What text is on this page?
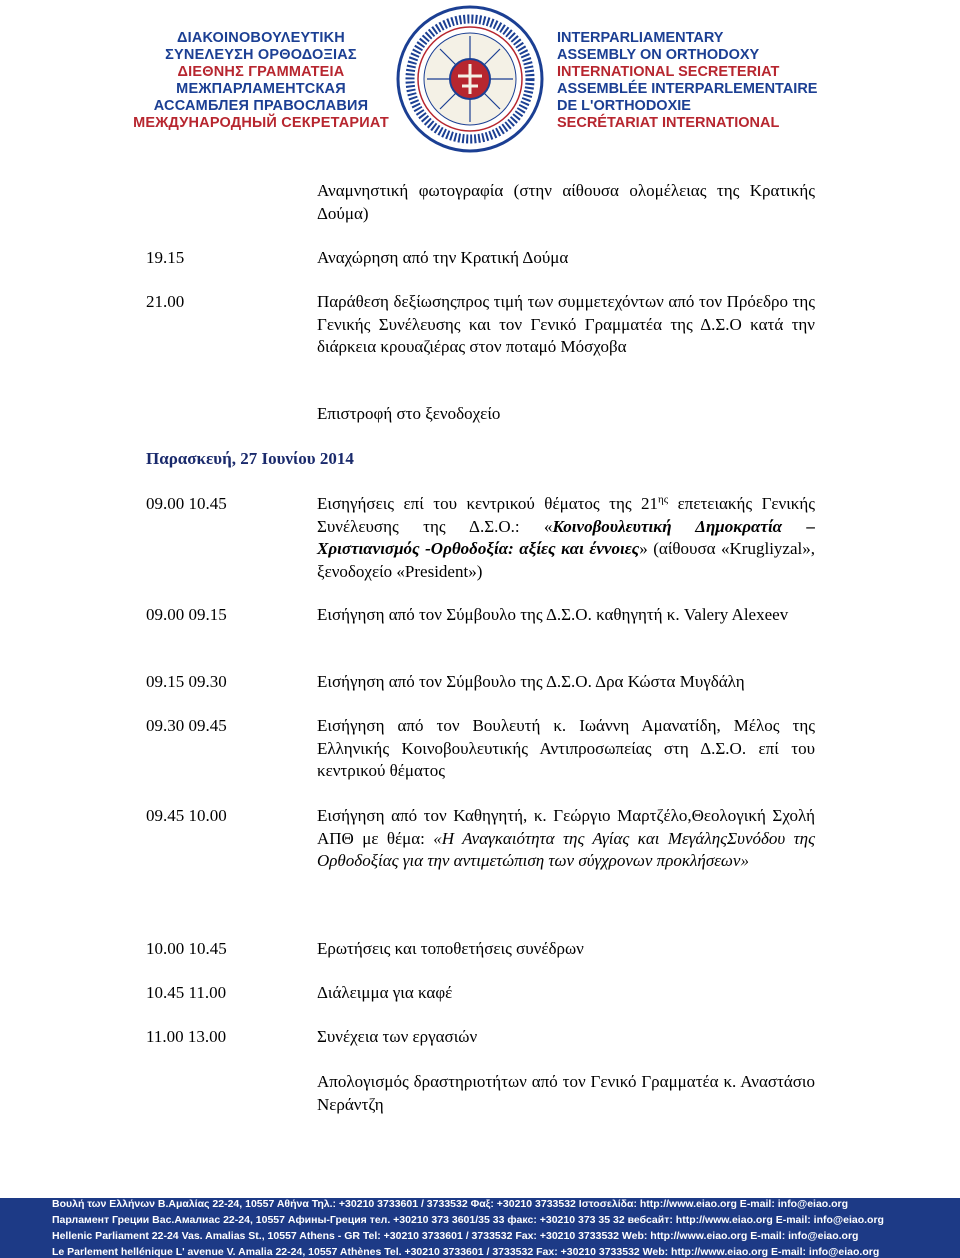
ΔΙΑΚΟΙΝΟΒΟΥΛΕΥΤΙΚΗ
ΣΥΝΕΛΕΥΣΗ ΟΡΘΟΔΟΞΙΑΣ
ΔΙΕΘΝΗΣ ΓΡΑΜΜΑΤΕΙΑ
МЕЖПАРЛАМЕНТСКАЯ
АССАМБЛЕЯ ПРАВОСЛАВИЯ
МЕЖДУНАРОДНЫЙ СЕКРЕТАРИАТ
INTERPARLIAMENTARY
ASSEMBLY ON ORTHODOXY
INTERNATIONAL SECRETERIAT
ASSEMBLÉE INTERPARLEMENTAIRE
DE L'ORTHODOXIE
SECRÉTARIAT INTERNATIONAL
Αναμνηστική φωτογραφία (στην αίθουσα ολομέλειας της Κρατικής Δούμα)
19.15	Αναχώρηση από την Κρατική Δούμα
21.00	Παράθεση δεξίωσηςπρος τιμή των συμμετεχόντων από τον Πρόεδρο της Γενικής Συνέλευσης και τον Γενικό Γραμματέα της Δ.Σ.Ο κατά την διάρκεια κρουαζιέρας στον ποταμό Μόσχοβα
Επιστροφή στο ξενοδοχείο
Παρασκευή, 27 Ιουνίου 2014
09.00 10.45	Εισηγήσεις επί του κεντρικού θέματος της $21^{\eta\varsigma}$ επετειακής Γενικής Συνέλευσης της Δ.Σ.Ο.: «Κοινοβουλευτική Δημοκρατία – Χριστιανισμός -Ορθοδοξία: αξίες και έννοιες» (αίθουσα «Krugliyzal», ξενοδοχείο «President»)
09.00 09.15	Εισήγηση από τον Σύμβουλο της Δ.Σ.Ο. καθηγητή κ. Valery Alexeev
09.15 09.30	Εισήγηση από τον Σύμβουλο της Δ.Σ.Ο. Δρα Κώστα Μυγδάλη
09.30 09.45	Εισήγηση από τον Βουλευτή κ. Ιωάννη Αμανατίδη, Μέλος της Ελληνικής Κοινοβουλευτικής Αντιπροσωπείας στη Δ.Σ.Ο. επί του κεντρικού θέματος
09.45 10.00	Εισήγηση από τον Καθηγητή, κ. Γεώργιο Μαρτζέλο,Θεολογική Σχολή ΑΠΘ με θέμα: «Η Αναγκαιότητα της Αγίας και ΜεγάληςΣυνόδου της Ορθοδοξίας για την αντιμετώπιση των σύγχρονων προκλήσεων»
10.00 10.45	Ερωτήσεις και τοποθετήσεις συνέδρων
10.45 11.00	Διάλειμμα για καφέ
11.00 13.00	Συνέχεια των εργασιών
Απολογισμός δραστηριοτήτων από τον Γενικό Γραμματέα κ. Αναστάσιο Νεράντζη
Βουλή των Ελλήνων Β.Αμαλίας 22-24, 10557 Αθήνα Τηλ.: +30210 3733601 / 3733532 Φαξ: +30210 3733532 Ιστοσελίδα: http://www.eiao.org E-mail: info@eiao.org
Парламент Греции Вас.Амалиас 22-24, 10557 Афины-Греция тел. +30210 373 3601/35 33 факс: +30210 373 35 32 вебсайт: http://www.eiao.org E-mail: info@eiao.org
Hellenic Parliament 22-24 Vas. Amalias St., 10557 Athens - GR Tel: +30210 3733601 / 3733532 Fax: +30210 3733532 Web: http://www.eiao.org E-mail: info@eiao.org
Le Parlement hellénique L' avenue V. Amalia 22-24, 10557 Athènes Tel. +30210 3733601 / 3733532 Fax: +30210 3733532 Web: http://www.eiao.org E-mail: info@eiao.org
